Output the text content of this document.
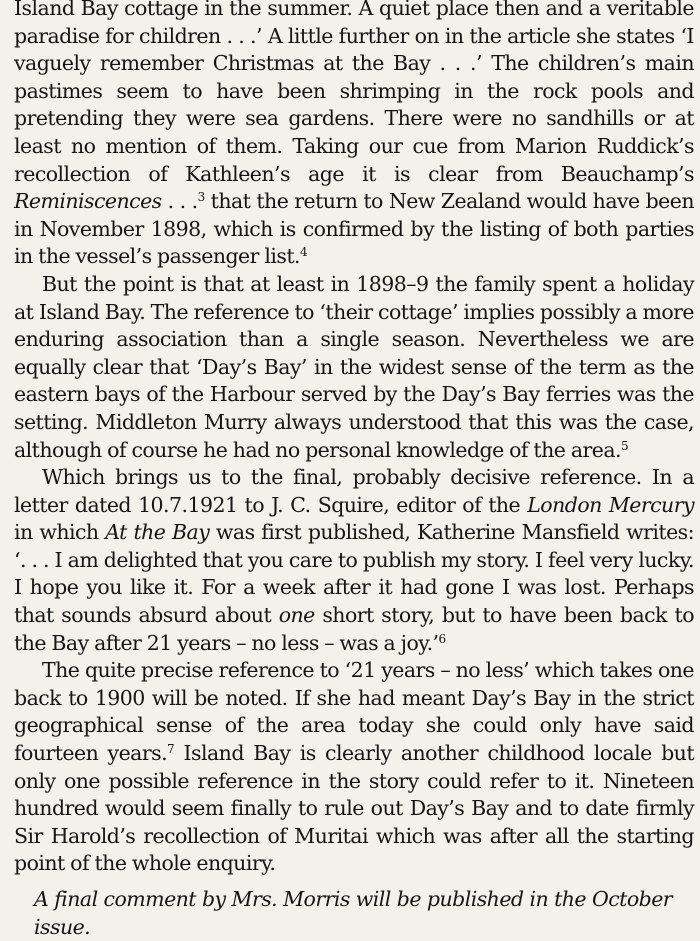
Island Bay cottage in the summer. A quiet place then and a veritable paradise for children . . .’ A little further on in the article she states ‘I vaguely remember Christmas at the Bay . . .’ The children’s main pastimes seem to have been shrimping in the rock pools and pretending they were sea gardens. There were no sandhills or at least no mention of them. Taking our cue from Marion Ruddick’s recollection of Kathleen’s age it is clear from Beauchamp’s Reminiscences . . .$^3$ that the return to New Zealand would have been in November 1898, which is confirmed by the listing of both parties in the vessel’s passenger list.$^4$

But the point is that at least in 1898–9 the family spent a holiday at Island Bay. The reference to ‘their cottage’ implies possibly a more enduring association than a single season. Nevertheless we are equally clear that ‘Day’s Bay’ in the widest sense of the term as the eastern bays of the Harbour served by the Day’s Bay ferries was the setting. Middleton Murry always understood that this was the case, although of course he had no personal knowledge of the area.$^5$

Which brings us to the final, probably decisive reference. In a letter dated 10.7.1921 to J. C. Squire, editor of the London Mercury in which At the Bay was first published, Katherine Mansfield writes: ‘. . . I am delighted that you care to publish my story. I feel very lucky. I hope you like it. For a week after it had gone I was lost. Perhaps that sounds absurd about one short story, but to have been back to the Bay after 21 years – no less – was a joy.’$^6$

The quite precise reference to ‘21 years – no less’ which takes one back to 1900 will be noted. If she had meant Day’s Bay in the strict geographical sense of the area today she could only have said fourteen years.$^7$ Island Bay is clearly another childhood locale but only one possible reference in the story could refer to it. Nineteen hundred would seem finally to rule out Day’s Bay and to date firmly Sir Harold’s recollection of Muritai which was after all the starting point of the whole enquiry.

A final comment by Mrs. Morris will be published in the October issue.
